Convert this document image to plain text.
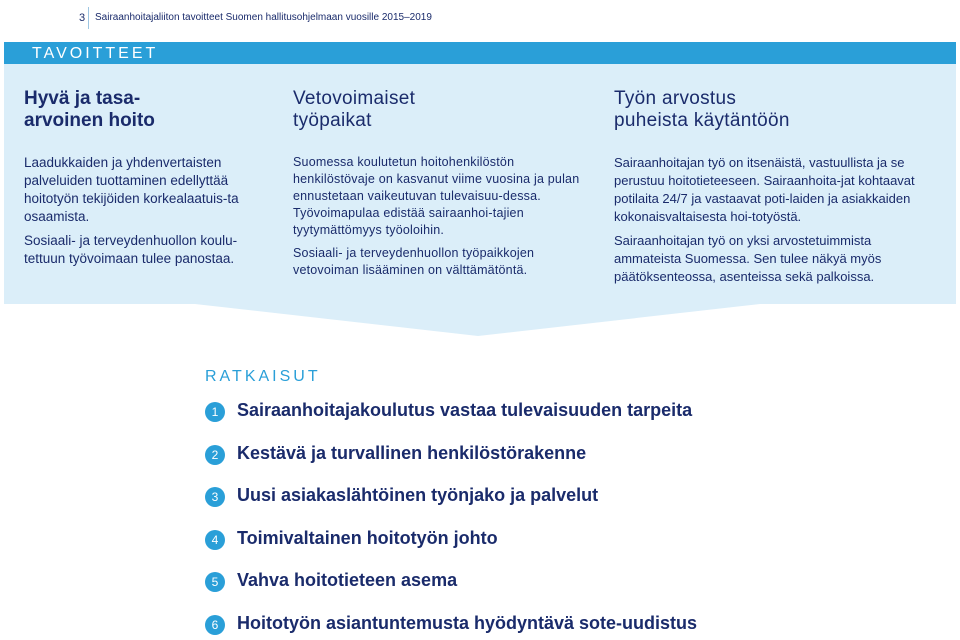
3 Sairaanhoitajaliiton tavoitteet Suomen hallitusohjelmaan vuosille 2015–2019
TAVOITTEET
Hyvä ja tasa-
arvoinen hoito

Laadukkaiden ja yhdenvertaisten palveluiden tuottaminen edellyttää hoitotyön tekijöiden korkealaatuis-ta osaamista.

Sosiaali- ja terveydenhuollon koulu-tettuun työvoimaan tulee panostaa.

Vetovoimaiset
työpaikat

Suomessa koulutetun hoitohenkilöstön henkilöstövaje on kasvanut viime vuosina ja pulan ennustetaan vaikeutuvan tulevaisuu-dessa. Työvoimapulaa edistää sairaanhoi-tajien tyytymättömyys työoloihin.

Sosiaali- ja terveydenhuollon työpaikkojen vetovoiman lisääminen on välttämätöntä.

Työn arvostus
puheista käytäntöön

Sairaanhoitajan työ on itsenäistä, vastuullista ja se perustuu hoitotieteeseen. Sairaanhoita-jat kohtaavat potilaita 24/7 ja vastaavat poti-laiden ja asiakkaiden kokonaisvaltaisesta hoi-totyöstä.

Sairaanhoitajan työ on yksi arvostetuimmista ammateista Suomessa. Sen tulee näkyä myös päätöksenteossa, asenteissa sekä palkoissa.

RATKAISUT
1	Sairaanhoitajakoulutus vastaa tulevaisuuden tarpeita
2	Kestävä ja turvallinen henkilöstörakenne
3	Uusi asiakaslähtöinen työnjako ja palvelut
4	Toimivaltainen hoitotyön johto
5	Vahva hoitotieteen asema
6	Hoitotyön asiantuntemusta hyödyntävä sote-uudistus
